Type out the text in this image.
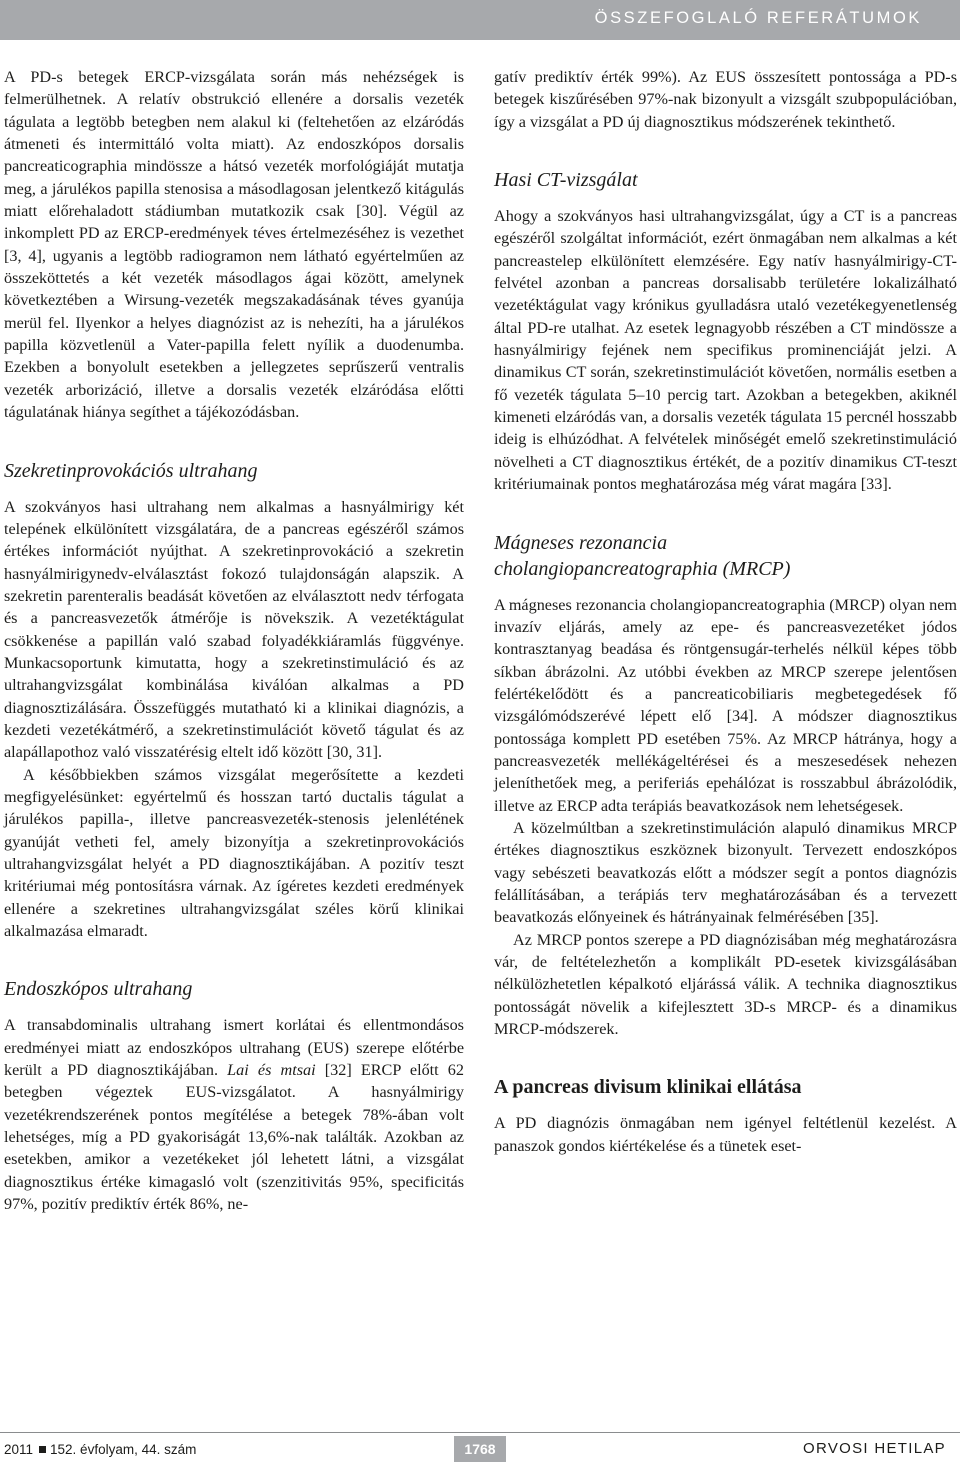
ÖSSZEFOGLALÓ REFERÁTUMOK

A PD-s betegek ERCP-vizsgálata során más nehézségek is felmerülhetnek. A relatív obstrukció ellenére a dorsalis vezeték tágulata a legtöbb betegben nem alakul ki (feltehetően az elzáródás átmeneti és intermittáló volta miatt). Az endoszkópos dorsalis pancreaticographia mindössze a hátsó vezeték morfológiáját mutatja meg, a járulékos papilla stenosisa a másodlagosan jelentkező kitágulás miatt előrehaladott stádiumban mutatkozik csak [30]. Végül az inkomplett PD az ERCP-eredmények téves értelmezéséhez is vezethet [3, 4], ugyanis a legtöbb radiogramon nem látható egyértelműen az összeköttetés a két vezeték másodlagos ágai között, amelynek következtében a Wirsung-vezeték megszakadásának téves gyanúja merül fel. Ilyenkor a helyes diagnózist az is nehezíti, ha a járulékos papilla közvetlenül a Vater-papilla felett nyílik a duodenumba. Ezekben a bonyolult esetekben a jellegzetes seprűszerű ventralis vezeték arborizáció, illetve a dorsalis vezeték elzáródása előtti tágulatának hiánya segíthet a tájékozódásban.

Szekretinprovokációs ultrahang

A szokványos hasi ultrahang nem alkalmas a hasnyálmirigy két telepének elkülönített vizsgálatára, de a pancreas egészéről számos értékes információt nyújthat. A szekretinprovokáció a szekretin hasnyálmirigynedv-elválasztást fokozó tulajdonságán alapszik. A szekretin parenteralis beadását követően az elválasztott nedv térfogata és a pancreasvezetők átmérője is növekszik. A vezetéktágulat csökkenése a papillán való szabad folyadékkiáramlás függvénye. Munkacsoportunk kimutatta, hogy a szekretinstimuláció és az ultrahangvizsgálat kombinálása kiválóan alkalmas a PD diagnosztizálására. Összefüggés mutatható ki a klinikai diagnózis, a kezdeti vezetékátmérő, a szekretinstimulációt követő tágulat és az alapállapothoz való visszatérésig eltelt idő között [30, 31].

A későbbiekben számos vizsgálat megerősítette a kezdeti megfigyelésünket: egyértelmű és hosszan tartó ductalis tágulat a járulékos papilla-, illetve pancreasvezeték-stenosis jelenlétének gyanúját vetheti fel, amely bizonyítja a szekretinprovokációs ultrahangvizsgálat helyét a PD diagnosztikájában. A pozitív teszt kritériumai még pontosításra várnak. Az ígéretes kezdeti eredmények ellenére a szekretines ultrahangvizsgálat széles körű klinikai alkalmazása elmaradt.

Endoszkópos ultrahang

A transabdominalis ultrahang ismert korlátai és ellentmondásos eredményei miatt az endoszkópos ultrahang (EUS) szerepe előtérbe került a PD diagnosztikájában. Lai és mtsai [32] ERCP előtt 62 betegben végeztek EUS-vizsgálatot. A hasnyálmirigy vezetékrendszerének pontos megítélése a betegek 78%-ában volt lehetséges, míg a PD gyakoriságát 13,6%-nak találták. Azokban az esetekben, amikor a vezetékeket jól lehetett látni, a vizsgálat diagnosztikus értéke kimagasló volt (szenzitivitás 95%, specificitás 97%, pozitív prediktív érték 86%, ne-

gatív prediktív érték 99%). Az EUS összesített pontossága a PD-s betegek kiszűrésében 97%-nak bizonyult a vizsgált szubpopulációban, így a vizsgálat a PD új diagnosztikus módszerének tekinthető.

Hasi CT-vizsgálat

Ahogy a szokványos hasi ultrahangvizsgálat, úgy a CT is a pancreas egészéről szolgáltat információt, ezért önmagában nem alkalmas a két pancreastelep elkülönített elemzésére. Egy natív hasnyálmirigy-CT-felvétel azonban a pancreas dorsalisabb területére lokalizálható vezetéktágulat vagy krónikus gyulladásra utaló vezetékegyenetlenség által PD-re utalhat. Az esetek legnagyobb részében a CT mindössze a hasnyálmirigy fejének nem specifikus prominenciáját jelzi. A dinamikus CT során, szekretinstimulációt követően, normális esetben a fő vezeték tágulata 5–10 percig tart. Azokban a betegekben, akiknél kimeneti elzáródás van, a dorsalis vezeték tágulata 15 percnél hosszabb ideig is elhúzódhat. A felvételek minőségét emelő szekretinstimuláció növelheti a CT diagnosztikus értékét, de a pozitív dinamikus CT-teszt kritériumainak pontos meghatározása még várat magára [33].

Mágneses rezonancia
cholangiopancreatographia (MRCP)

A mágneses rezonancia cholangiopancreatographia (MRCP) olyan nem invazív eljárás, amely az epe- és pancreasvezetéket jódos kontrasztanyag beadása és röntgensugár-terhelés nélkül képes több síkban ábrázolni. Az utóbbi években az MRCP szerepe jelentősen felértékelődött és a pancreaticobiliaris megbetegedések fő vizsgálómódszerévé lépett elő [34]. A módszer diagnosztikus pontossága komplett PD esetében 75%. Az MRCP hátránya, hogy a pancreasvezeték mellékágeltérései és a meszesedések nehezen jeleníthetőek meg, a periferiás epehálózat is rosszabbul ábrázolódik, illetve az ERCP adta terápiás beavatkozások nem lehetségesek.

A közelmúltban a szekretinstimuláción alapuló dinamikus MRCP értékes diagnosztikus eszköznek bizonyult. Tervezett endoszkópos vagy sebészeti beavatkozás előtt a módszer segít a pontos diagnózis felállításában, a terápiás terv meghatározásában és a tervezett beavatkozás előnyeinek és hátrányainak felmérésében [35].

Az MRCP pontos szerepe a PD diagnózisában még meghatározásra vár, de feltételezhetőn a komplikált PD-esetek kivizsgálásában nélkülözhetetlen képalkotó eljárássá válik. A technika diagnosztikus pontosságát növelik a kifejlesztett 3D-s MRCP- és a dinamikus MRCP-módszerek.

A pancreas divisum klinikai ellátása

A PD diagnózis önmagában nem igényel feltétlenül kezelést. A panaszok gondos kiértékelése és a tünetek eset-

2011 152. évfolyam, 44. szám	1768	ORVOSI HETILAP
